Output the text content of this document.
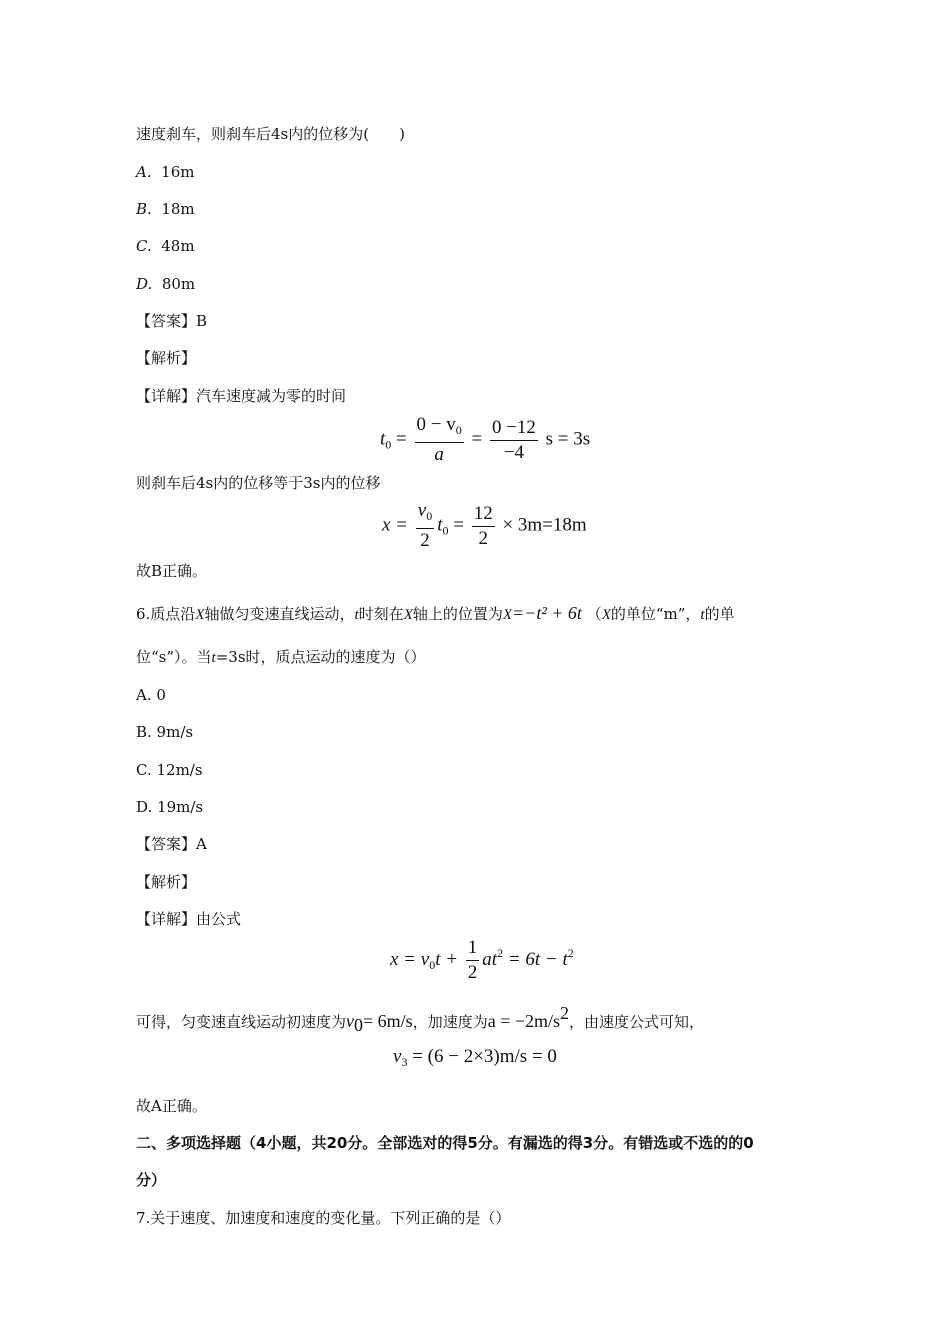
速度刹车，则刹车后4s内的位移为(　　)
A. 16m
B. 18m
C. 48m
D. 80m
【答案】B
【解析】
【详解】汽车速度减为零的时间
$t_0 = \frac{0 - v_0}{a} = \frac{0 -12}{-4}$ s = 3s
则刹车后4s内的位移等于3s内的位移
$x = \frac{v_0}{2} t_0 = \frac{12}{2} \times 3m=18m$
故B正确。
6.质点沿X轴做匀变速直线运动，t时刻在X轴上的位置为X=−t² + 6t （X的单位“m”，t的单
位“s”）。当t=3s时，质点运动的速度为（）
A. 0
B. 9m/s
C. 12m/s
D. 19m/s
【答案】A
【解析】
【详解】由公式
$x = v_0t + \frac{1}{2} at^2 = 6t - t^2$
可得，匀变速直线运动初速度为v0= 6m/s，加速度为a = −2m/s2，由速度公式可知，
$v_3 = (6 - 2\times 3)m/s = 0$
故A正确。
二、多项选择题（4小题，共20分。全部选对的得5分。有漏选的得3分。有错选或不选的的0
分）
7.关于速度、加速度和速度的变化量。下列正确的是（）
